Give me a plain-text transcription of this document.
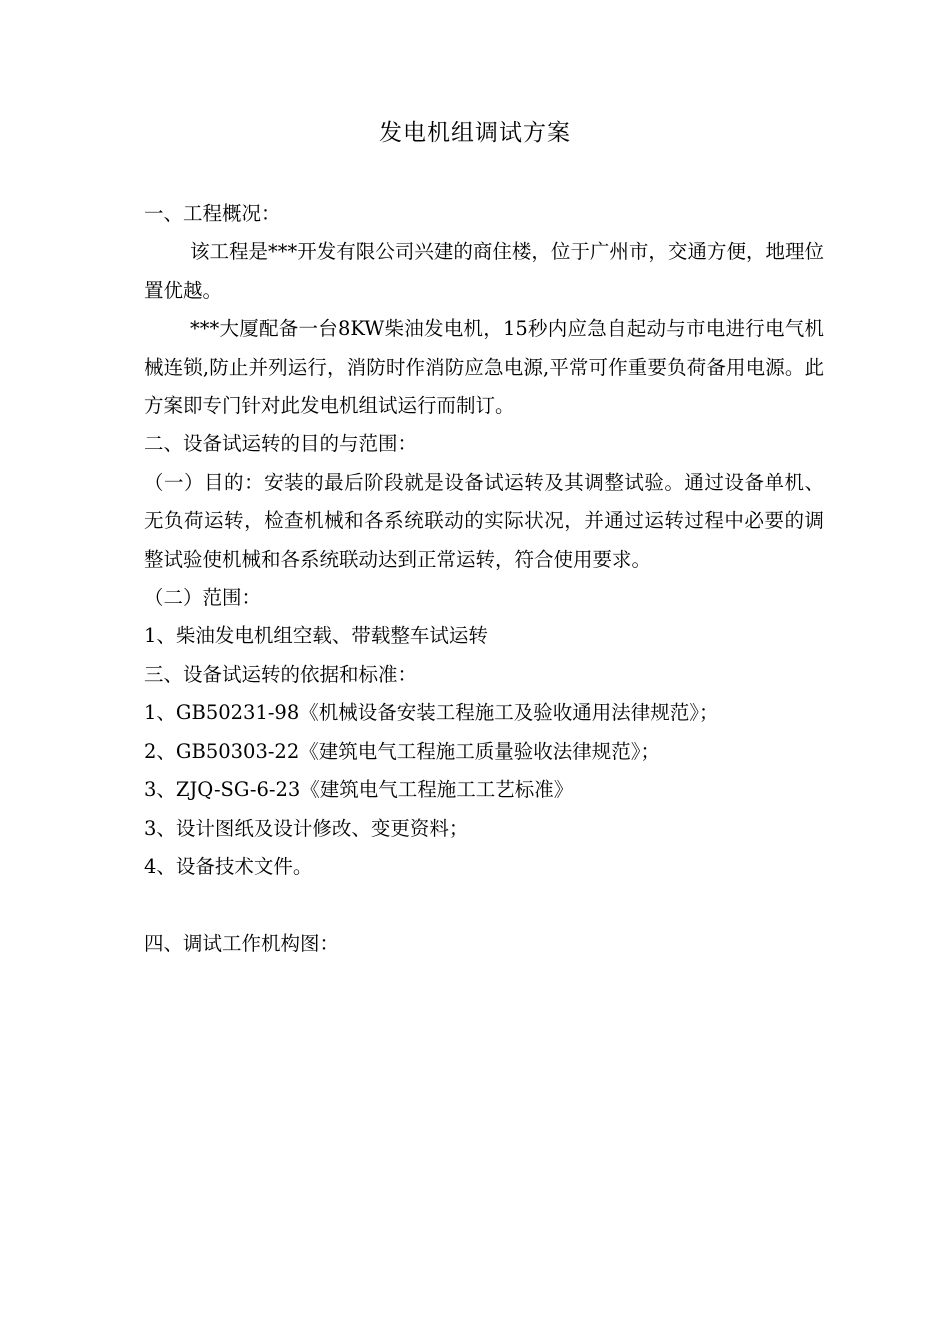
发电机组调试方案

一、工程概况：

该工程是***开发有限公司兴建的商住楼，位于广州市，交通方便，地理位置优越。

***大厦配备一台8KW柴油发电机，15秒内应急自起动与市电进行电气机械连锁,防止并列运行，消防时作消防应急电源,平常可作重要负荷备用电源。此方案即专门针对此发电机组试运行而制订。

二、设备试运转的目的与范围：

（一）目的：安装的最后阶段就是设备试运转及其调整试验。通过设备单机、无负荷运转，检查机械和各系统联动的实际状况，并通过运转过程中必要的调整试验使机械和各系统联动达到正常运转，符合使用要求。

（二）范围：

1、柴油发电机组空载、带载整车试运转

三、设备试运转的依据和标准：

1、GB50231-98《机械设备安装工程施工及验收通用法律规范》；

2、GB50303-22《建筑电气工程施工质量验收法律规范》；

3、ZJQ-SG-6-23《建筑电气工程施工工艺标准》

3、设计图纸及设计修改、变更资料；

4、设备技术文件。

四、调试工作机构图：
